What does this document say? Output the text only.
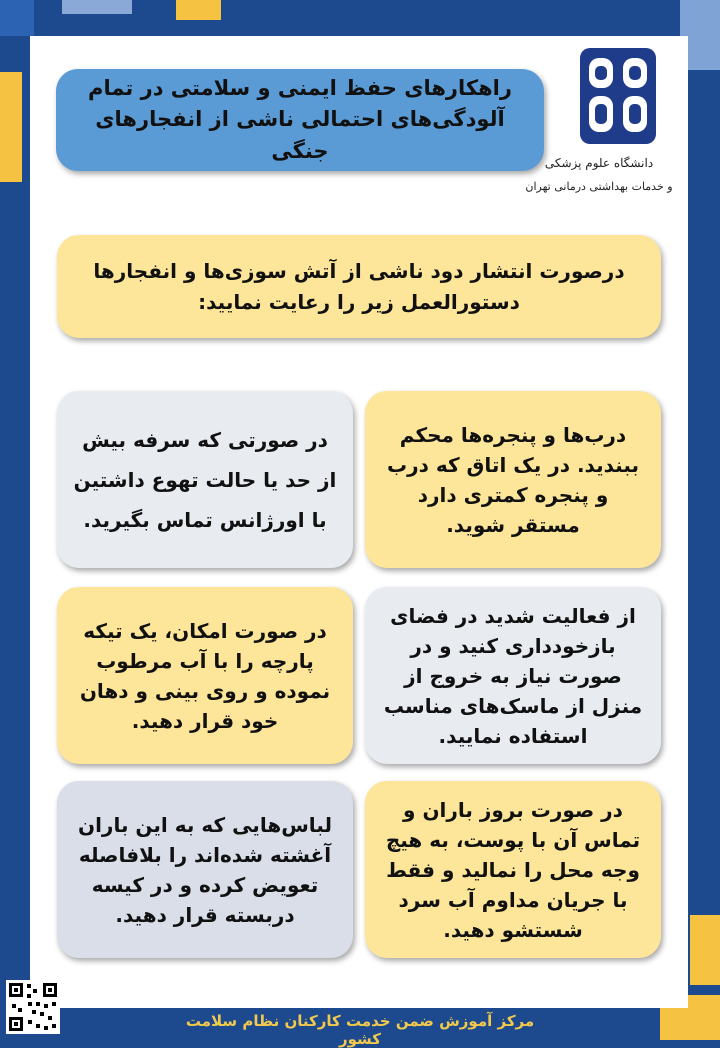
راهکارهای حفظ ایمنی و سلامتی در تمام آلودگی‌های احتمالی ناشی از انفجارهای جنگی
دانشگاه علوم پزشکی
و خدمات بهداشتی درمانی تهران
درصورت انتشار دود ناشی از آتش سوزی‌ها و انفجارها دستورالعمل زیر را رعایت نمایید:
درب‌ها و پنجره‌ها محکم ببندید. در یک اتاق که درب و پنجره کمتری دارد مستقر شوید.
در صورتی که سرفه بیش از حد یا حالت تهوع داشتین با اورژانس تماس بگیرید.
از فعالیت شدید در فضای بازخودداری کنید و در صورت نیاز به خروج از منزل از ماسک‌های مناسب استفاده نمایید.
در صورت امکان، یک تیکه پارچه را با آب مرطوب نموده و روی بینی و دهان خود قرار دهید.
در صورت بروز باران و تماس آن با پوست، به هیچ وجه محل را نمالید و فقط با جریان مداوم آب سرد شستشو دهید.
لباس‌هایی که به این باران آغشته شده‌اند را بلافاصله تعویض کرده و در کیسه دربسته قرار دهید.
مرکز آموزش ضمن خدمت کارکنان نظام سلامت کشور
